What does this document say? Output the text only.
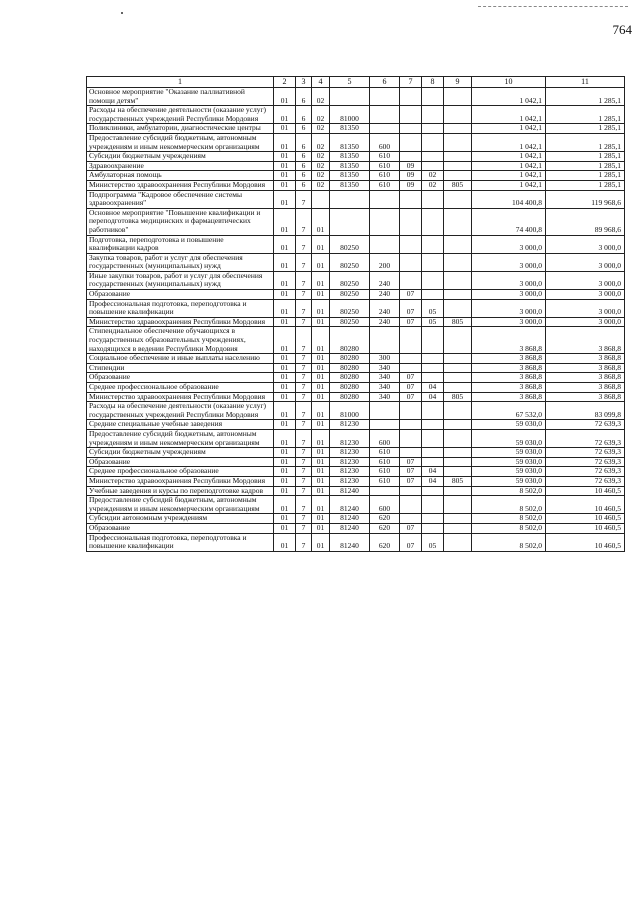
764
1	2	3	4	5	6	7	8	9	10	11
Основное мероприятие "Оказание паллиативной помощи детям"	01	6	02						1 042,1	1 285,1
Расходы на обеспечение деятельности (оказание услуг) государственных учреждений Республики Мордовия	01	6	02	81000					1 042,1	1 285,1
Поликлиники, амбулатории, диагностические центры	01	6	02	81350					1 042,1	1 285,1
Предоставление субсидий бюджетным, автономным учреждениям и иным некоммерческим организациям	01	6	02	81350	600				1 042,1	1 285,1
Субсидии бюджетным учреждениям	01	6	02	81350	610				1 042,1	1 285,1
Здравоохранение	01	6	02	81350	610	09			1 042,1	1 285,1
Амбулаторная помощь	01	6	02	81350	610	09	02		1 042,1	1 285,1
Министерство здравоохранения Республики Мордовия	01	6	02	81350	610	09	02	805	1 042,1	1 285,1
Подпрограмма "Кадровое обеспечение системы здравоохранения"	01	7							104 400,8	119 968,6
Основное мероприятие "Повышение квалификации и переподготовка медицинских и фармацевтических работников"	01	7	01						74 400,8	89 968,6
Подготовка, переподготовка и повышение квалификации кадров	01	7	01	80250					3 000,0	3 000,0
Закупка товаров, работ и услуг для обеспечения государственных (муниципальных) нужд	01	7	01	80250	200				3 000,0	3 000,0
Иные закупки товаров, работ и услуг для обеспечения государственных (муниципальных) нужд	01	7	01	80250	240				3 000,0	3 000,0
Образование	01	7	01	80250	240	07			3 000,0	3 000,0
Профессиональная подготовка, переподготовка и повышение квалификации	01	7	01	80250	240	07	05		3 000,0	3 000,0
Министерство здравоохранения Республики Мордовия	01	7	01	80250	240	07	05	805	3 000,0	3 000,0
Стипендиальное обеспечение обучающихся в государственных образовательных учреждениях, находящихся в ведении Республики Мордовия	01	7	01	80280					3 868,8	3 868,8
Социальное обеспечение и иные выплаты населению	01	7	01	80280	300				3 868,8	3 868,8
Стипендии	01	7	01	80280	340				3 868,8	3 868,8
Образование	01	7	01	80280	340	07			3 868,8	3 868,8
Среднее профессиональное образование	01	7	01	80280	340	07	04		3 868,8	3 868,8
Министерство здравоохранения Республики Мордовия	01	7	01	80280	340	07	04	805	3 868,8	3 868,8
Расходы на обеспечение деятельности (оказание услуг) государственных учреждений Республики Мордовия	01	7	01	81000					67 532,0	83 099,8
Средние специальные учебные заведения	01	7	01	81230					59 030,0	72 639,3
Предоставление субсидий бюджетным, автономным учреждениям и иным некоммерческим организациям	01	7	01	81230	600				59 030,0	72 639,3
Субсидии бюджетным учреждениям	01	7	01	81230	610				59 030,0	72 639,3
Образование	01	7	01	81230	610	07			59 030,0	72 639,3
Среднее профессиональное образование	01	7	01	81230	610	07	04		59 030,0	72 639,3
Министерство здравоохранения Республики Мордовия	01	7	01	81230	610	07	04	805	59 030,0	72 639,3
Учебные заведения и курсы по переподготовке кадров	01	7	01	81240					8 502,0	10 460,5
Предоставление субсидий бюджетным, автономным учреждениям и иным некоммерческим организациям	01	7	01	81240	600				8 502,0	10 460,5
Субсидии автономным учреждениям	01	7	01	81240	620				8 502,0	10 460,5
Образование	01	7	01	81240	620	07			8 502,0	10 460,5
Профессиональная подготовка, переподготовка и повышение квалификации	01	7	01	81240	620	07	05		8 502,0	10 460,5
